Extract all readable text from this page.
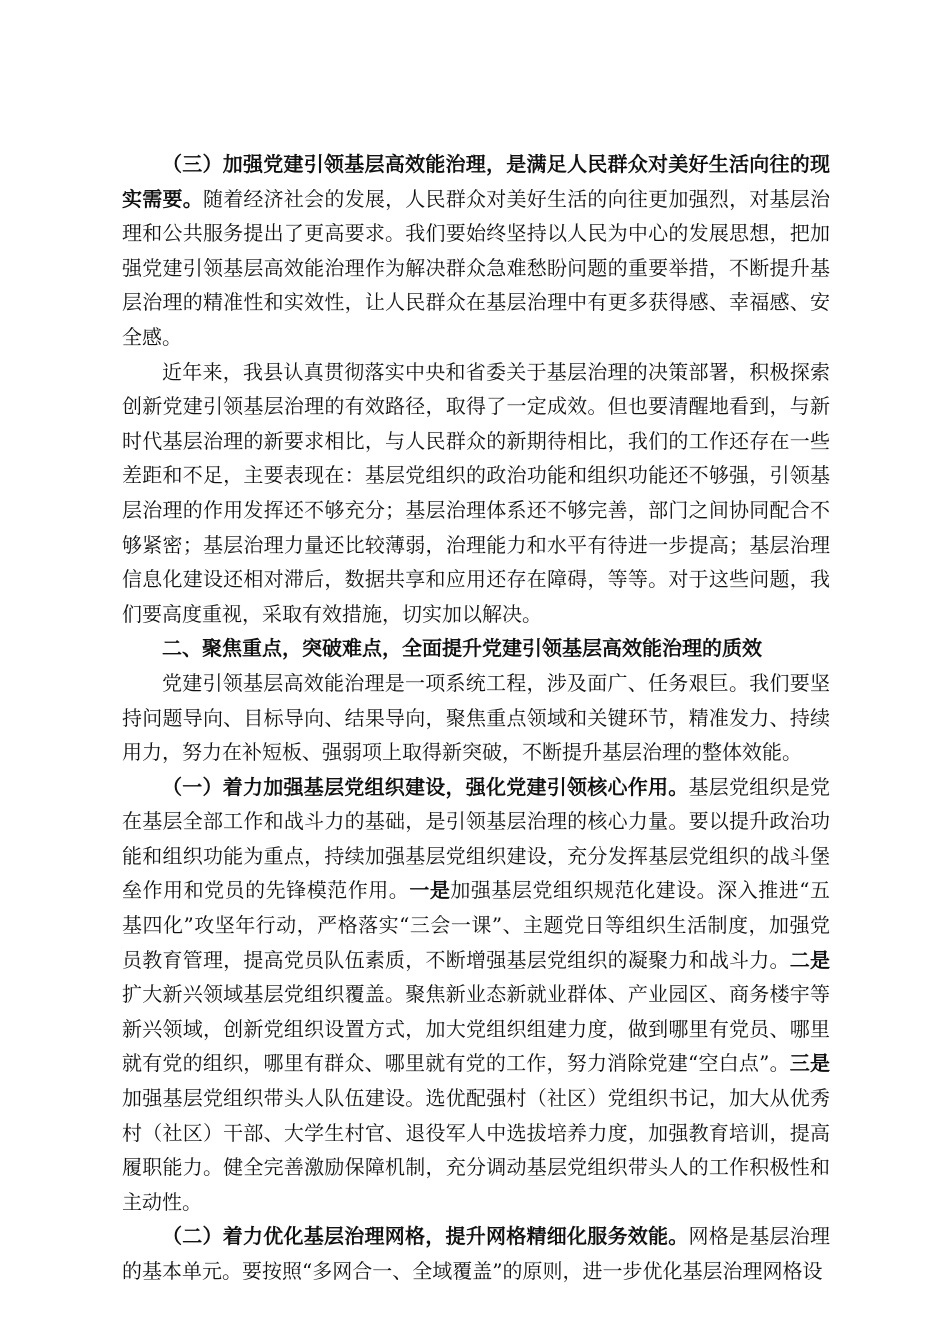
（三）加强党建引领基层高效能治理，是满足人民群众对美好生活向往的现实需要。随着经济社会的发展，人民群众对美好生活的向往更加强烈，对基层治理和公共服务提出了更高要求。我们要始终坚持以人民为中心的发展思想，把加强党建引领基层高效能治理作为解决群众急难愁盼问题的重要举措，不断提升基层治理的精准性和实效性，让人民群众在基层治理中有更多获得感、幸福感、安全感。

近年来，我县认真贯彻落实中央和省委关于基层治理的决策部署，积极探索创新党建引领基层治理的有效路径，取得了一定成效。但也要清醒地看到，与新时代基层治理的新要求相比，与人民群众的新期待相比，我们的工作还存在一些差距和不足，主要表现在：基层党组织的政治功能和组织功能还不够强，引领基层治理的作用发挥还不够充分；基层治理体系还不够完善，部门之间协同配合不够紧密；基层治理力量还比较薄弱，治理能力和水平有待进一步提高；基层治理信息化建设还相对滞后，数据共享和应用还存在障碍，等等。对于这些问题，我们要高度重视，采取有效措施，切实加以解决。

二、聚焦重点，突破难点，全面提升党建引领基层高效能治理的质效

党建引领基层高效能治理是一项系统工程，涉及面广、任务艰巨。我们要坚持问题导向、目标导向、结果导向，聚焦重点领域和关键环节，精准发力、持续用力，努力在补短板、强弱项上取得新突破，不断提升基层治理的整体效能。

（一）着力加强基层党组织建设，强化党建引领核心作用。基层党组织是党在基层全部工作和战斗力的基础，是引领基层治理的核心力量。要以提升政治功能和组织功能为重点，持续加强基层党组织建设，充分发挥基层党组织的战斗堡垒作用和党员的先锋模范作用。一是加强基层党组织规范化建设。深入推进“五基四化”攻坚年行动，严格落实“三会一课”、主题党日等组织生活制度，加强党员教育管理，提高党员队伍素质，不断增强基层党组织的凝聚力和战斗力。二是扩大新兴领域基层党组织覆盖。聚焦新业态新就业群体、产业园区、商务楼宇等新兴领域，创新党组织设置方式，加大党组织组建力度，做到哪里有党员、哪里就有党的组织，哪里有群众、哪里就有党的工作，努力消除党建“空白点”。三是加强基层党组织带头人队伍建设。选优配强村（社区）党组织书记，加大从优秀村（社区）干部、大学生村官、退役军人中选拔培养力度，加强教育培训，提高履职能力。健全完善激励保障机制，充分调动基层党组织带头人的工作积极性和主动性。

（二）着力优化基层治理网格，提升网格精细化服务效能。网格是基层治理的基本单元。要按照“多网合一、全域覆盖”的原则，进一步优化基层治理网格设
